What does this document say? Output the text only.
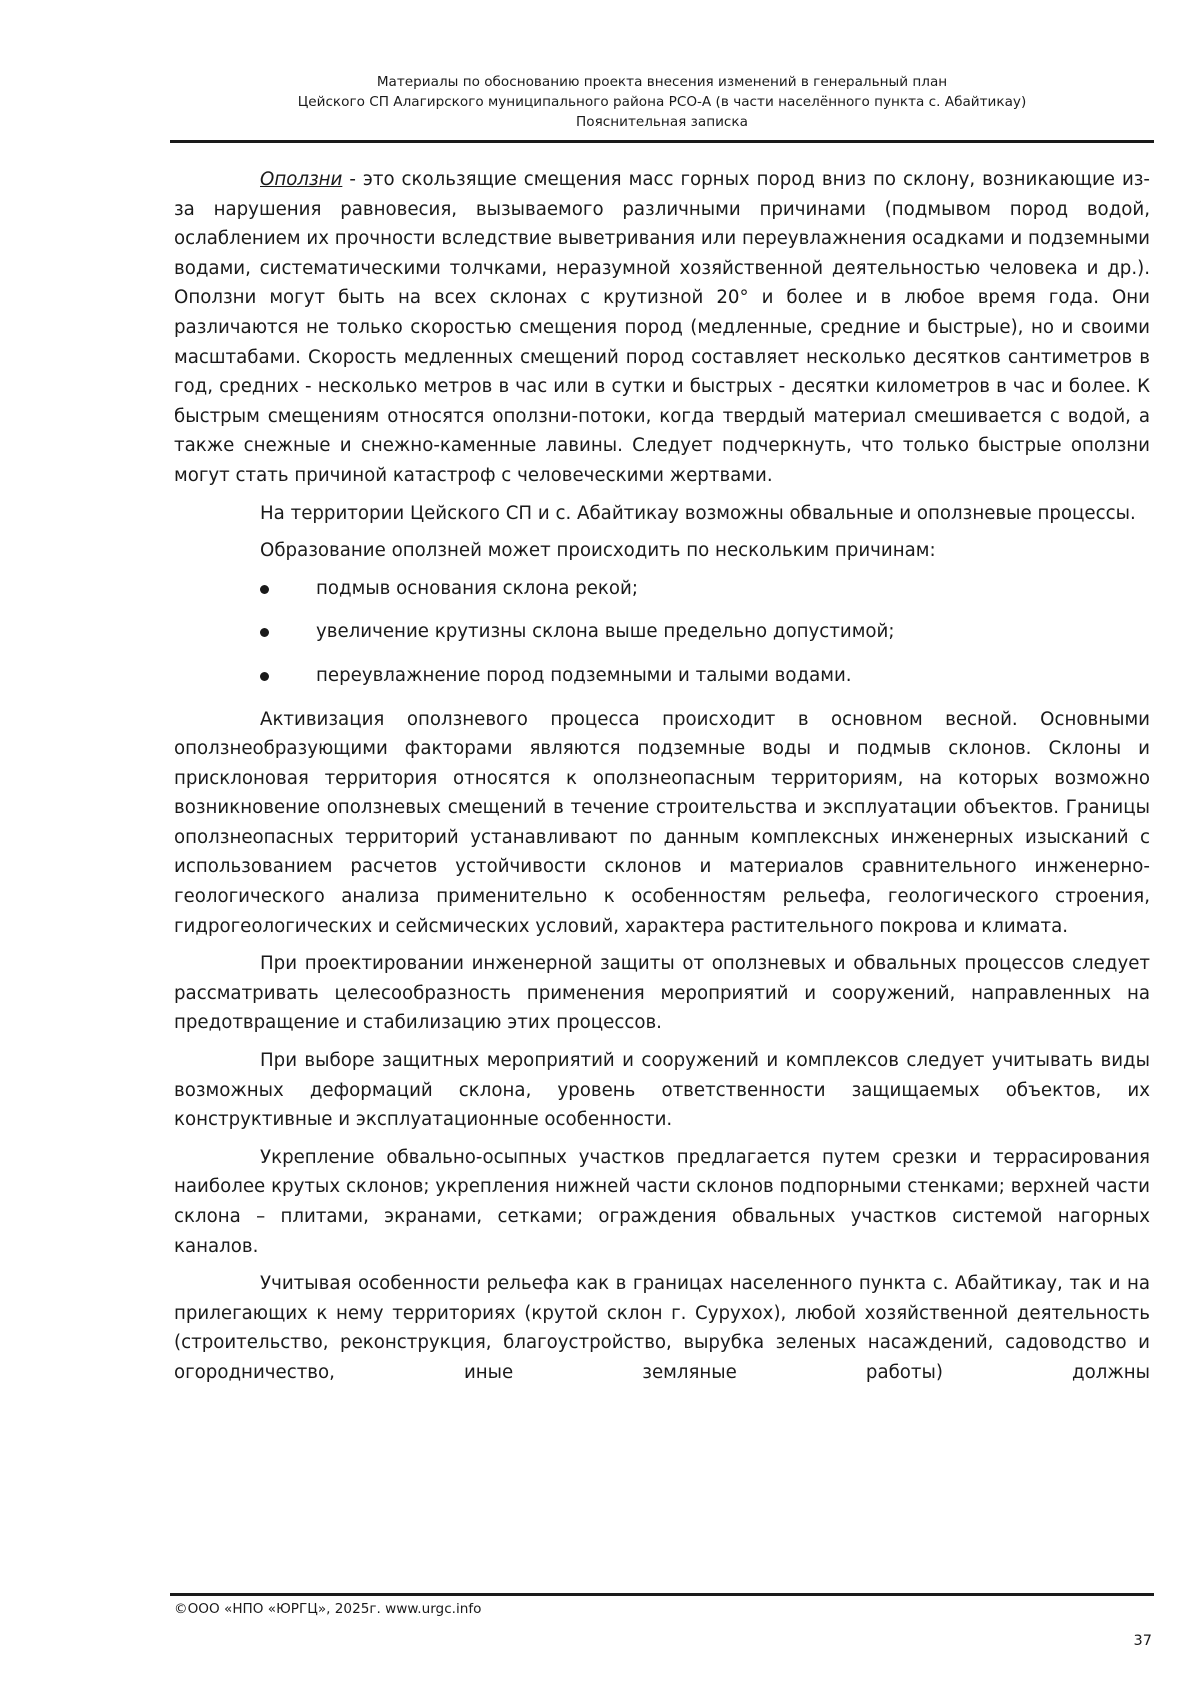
Материалы по обоснованию проекта внесения изменений в генеральный план
Цейского СП Алагирского муниципального района РСО-А (в части населённого пункта с. Абайтикау)
Пояснительная записка

Оползни - это скользящие смещения масс горных пород вниз по склону, возникающие из-за нарушения равновесия, вызываемого различными причинами (подмывом пород водой, ослаблением их прочности вследствие выветривания или переувлажнения осадками и подземными водами, систематическими толчками, неразумной хозяйственной деятельностью человека и др.). Оползни могут быть на всех склонах с крутизной 20° и более и в любое время года. Они различаются не только скоростью смещения пород (медленные, средние и быстрые), но и своими масштабами. Скорость медленных смещений пород составляет несколько десятков сантиметров в год, средних - несколько метров в час или в сутки и быстрых - десятки километров в час и более. К быстрым смещениям относятся оползни-потоки, когда твердый материал смешивается с водой, а также снежные и снежно-каменные лавины. Следует подчеркнуть, что только быстрые оползни могут стать причиной катастроф с человеческими жертвами.

На территории Цейского СП и с. Абайтикау возможны обвальные и оползневые процессы.

Образование оползней может происходить по нескольким причинам:

подмыв основания склона рекой;
увеличение крутизны склона выше предельно допустимой;
переувлажнение пород подземными и талыми водами.

Активизация оползневого процесса происходит в основном весной. Основными оползнеобразующими факторами являются подземные воды и подмыв склонов. Склоны и присклоновая территория относятся к оползнеопасным территориям, на которых возможно возникновение оползневых смещений в течение строительства и эксплуатации объектов. Границы оползнеопасных территорий устанавливают по данным комплексных инженерных изысканий с использованием расчетов устойчивости склонов и материалов сравнительного инженерно-геологического анализа применительно к особенностям рельефа, геологического строения, гидрогеологических и сейсмических условий, характера растительного покрова и климата.

При проектировании инженерной защиты от оползневых и обвальных процессов следует рассматривать целесообразность применения мероприятий и сооружений, направленных на предотвращение и стабилизацию этих процессов.

При выборе защитных мероприятий и сооружений и комплексов следует учитывать виды возможных деформаций склона, уровень ответственности защищаемых объектов, их конструктивные и эксплуатационные особенности.

Укрепление обвально-осыпных участков предлагается путем срезки и террасирования наиболее крутых склонов; укрепления нижней части склонов подпорными стенками; верхней части склона – плитами, экранами, сетками; ограждения обвальных участков системой нагорных каналов.

Учитывая особенности рельефа как в границах населенного пункта с. Абайтикау, так и на прилегающих к нему территориях (крутой склон г. Сурухох), любой хозяйственной деятельность (строительство, реконструкция, благоустройство, вырубка зеленых насаждений, садоводство и огородничество, иные земляные работы) должны

©ООО «НПО «ЮРГЦ», 2025г. www.urgc.info
37
